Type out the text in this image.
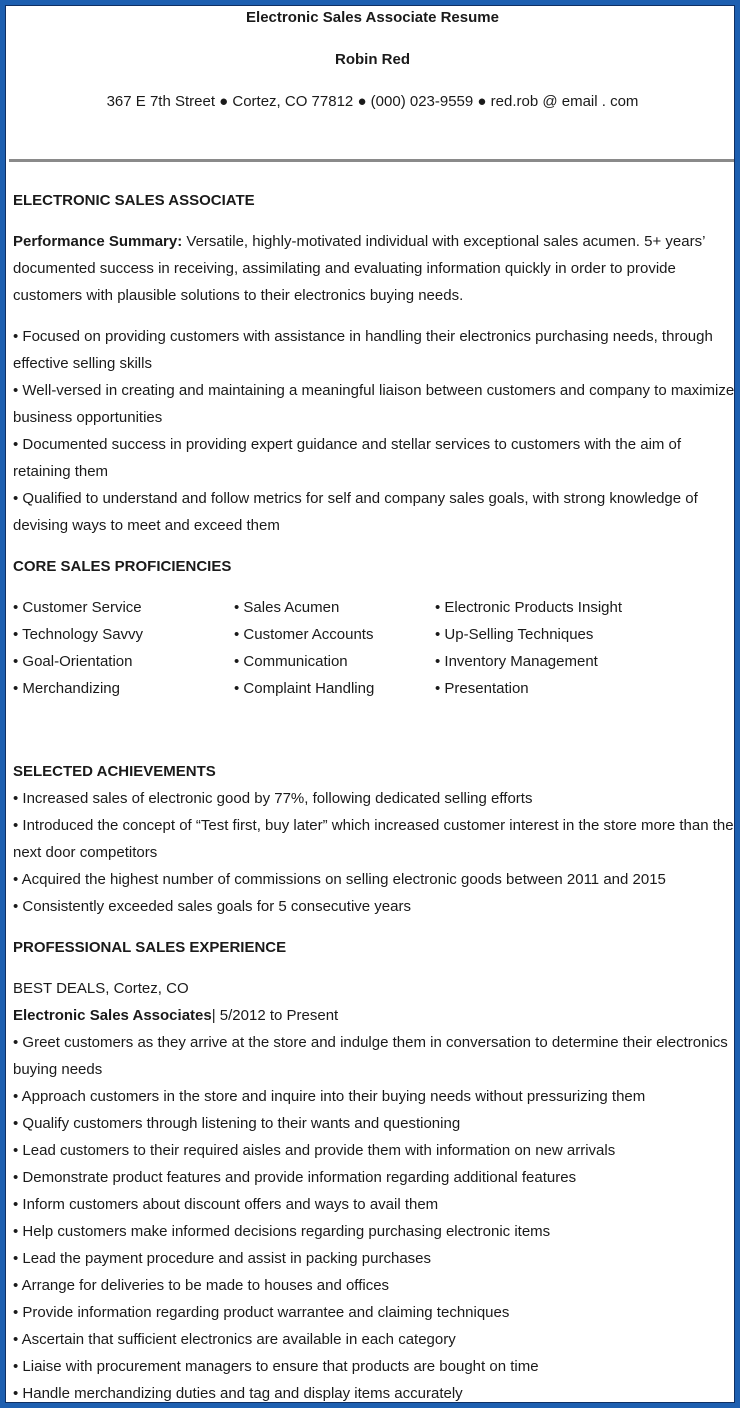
Electronic Sales Associate Resume
Robin Red
367 E 7th Street ● Cortez, CO 77812 ● (000) 023-9559 ● red.rob @ email . com
ELECTRONIC SALES ASSOCIATE

Performance Summary: Versatile, highly-motivated individual with exceptional sales acumen. 5+ years’ documented success in receiving, assimilating and evaluating information quickly in order to provide customers with plausible solutions to their electronics buying needs.

• Focused on providing customers with assistance in handling their electronics purchasing needs, through effective selling skills

• Well-versed in creating and maintaining a meaningful liaison between customers and company to maximize business opportunities

• Documented success in providing expert guidance and stellar services to customers with the aim of retaining them

• Qualified to understand and follow metrics for self and company sales goals, with strong knowledge of devising ways to meet and exceed them

CORE SALES PROFICIENCIES
• Customer Service	• Sales Acumen	• Electronic Products Insight
• Technology Savvy	• Customer Accounts	• Up-Selling Techniques
• Goal-Orientation	• Communication	• Inventory Management
• Merchandizing	• Complaint Handling	• Presentation
SELECTED ACHIEVEMENTS

• Increased sales of electronic good by 77%, following dedicated selling efforts

• Introduced the concept of “Test first, buy later” which increased customer interest in the store more than the next door competitors

• Acquired the highest number of commissions on selling electronic goods between 2011 and 2015

• Consistently exceeded sales goals for 5 consecutive years

PROFESSIONAL SALES EXPERIENCE

BEST DEALS, Cortez, CO

Electronic Sales Associates| 5/2012 to Present

• Greet customers as they arrive at the store and indulge them in conversation to determine their electronics buying needs

• Approach customers in the store and inquire into their buying needs without pressurizing them

• Qualify customers through listening to their wants and questioning

• Lead customers to their required aisles and provide them with information on new arrivals

• Demonstrate product features and provide information regarding additional features

• Inform customers about discount offers and ways to avail them

• Help customers make informed decisions regarding purchasing electronic items

• Lead the payment procedure and assist in packing purchases

• Arrange for deliveries to be made to houses and offices

• Provide information regarding product warrantee and claiming techniques

• Ascertain that sufficient electronics are available in each category

• Liaise with procurement managers to ensure that products are bought on time

• Handle merchandizing duties and tag and display items accurately
